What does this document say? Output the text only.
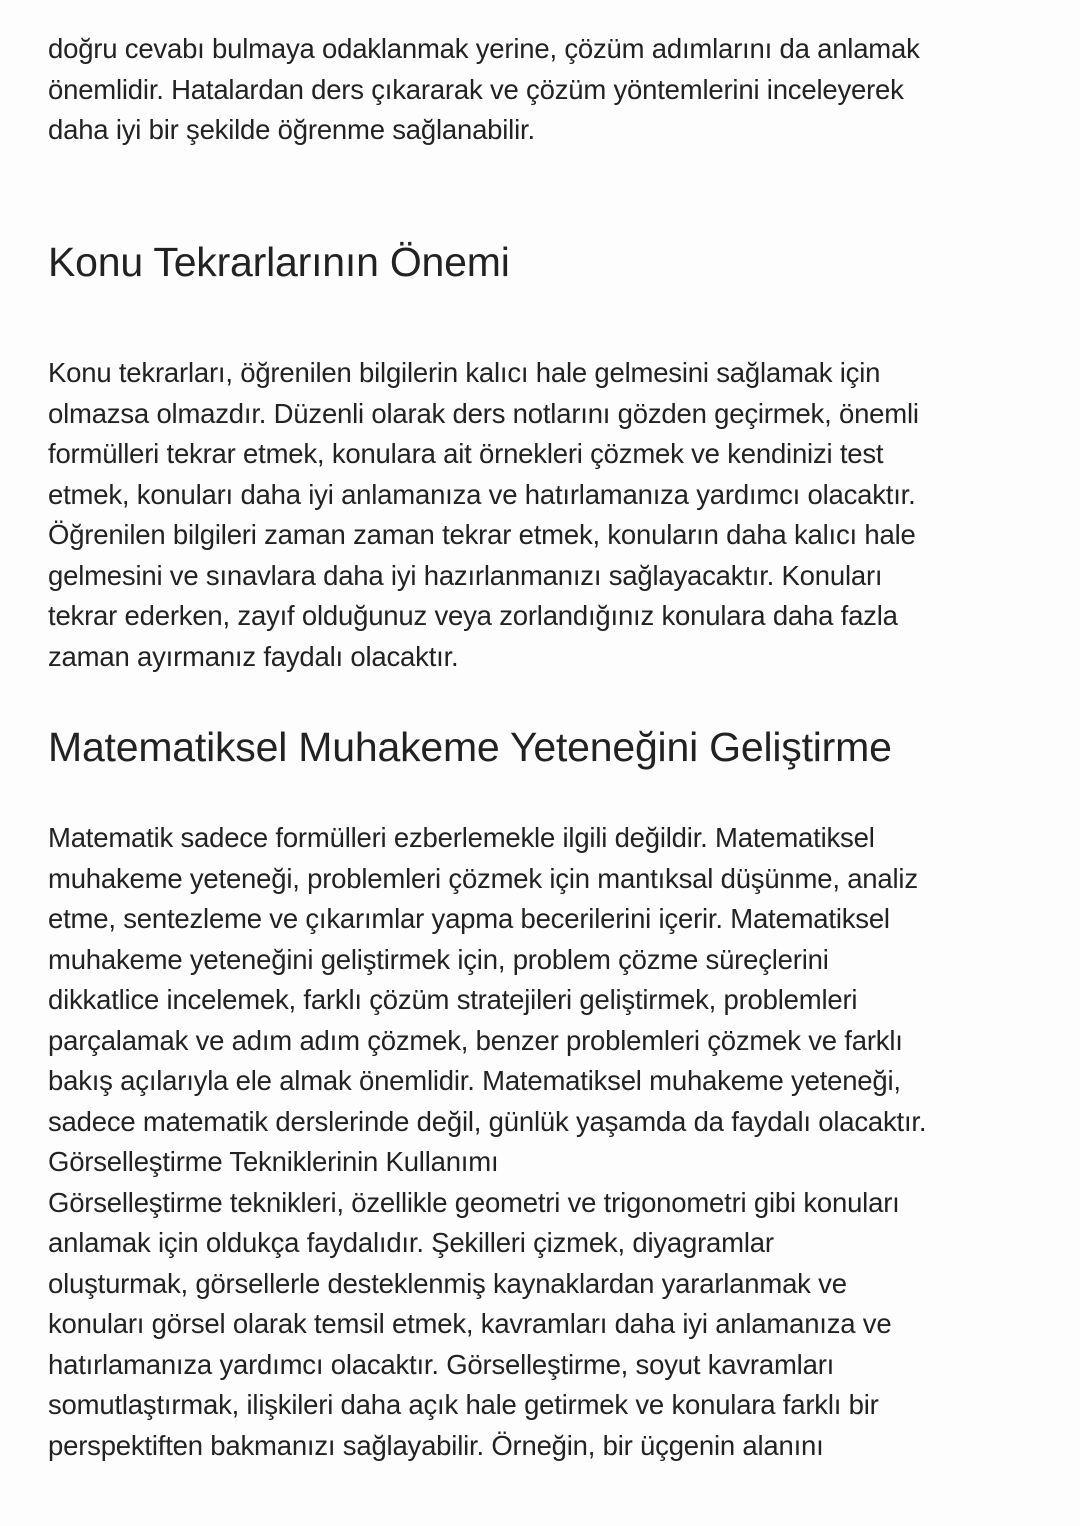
doğru cevabı bulmaya odaklanmak yerine, çözüm adımlarını da anlamak
önemlidir. Hatalardan ders çıkararak ve çözüm yöntemlerini inceleyerek
daha iyi bir şekilde öğrenme sağlanabilir.
Konu Tekrarlarının Önemi
Konu tekrarları, öğrenilen bilgilerin kalıcı hale gelmesini sağlamak için
olmazsa olmazdır. Düzenli olarak ders notlarını gözden geçirmek, önemli
formülleri tekrar etmek, konulara ait örnekleri çözmek ve kendinizi test
etmek, konuları daha iyi anlamanıza ve hatırlamanıza yardımcı olacaktır.
Öğrenilen bilgileri zaman zaman tekrar etmek, konuların daha kalıcı hale
gelmesini ve sınavlara daha iyi hazırlanmanızı sağlayacaktır. Konuları
tekrar ederken, zayıf olduğunuz veya zorlandığınız konulara daha fazla
zaman ayırmanız faydalı olacaktır.
Matematiksel Muhakeme Yeteneğini Geliştirme
Matematik sadece formülleri ezberlemekle ilgili değildir. Matematiksel
muhakeme yeteneği, problemleri çözmek için mantıksal düşünme, analiz
etme, sentezleme ve çıkarımlar yapma becerilerini içerir. Matematiksel
muhakeme yeteneğini geliştirmek için, problem çözme süreçlerini
dikkatlice incelemek, farklı çözüm stratejileri geliştirmek, problemleri
parçalamak ve adım adım çözmek, benzer problemleri çözmek ve farklı
bakış açılarıyla ele almak önemlidir. Matematiksel muhakeme yeteneği,
sadece matematik derslerinde değil, günlük yaşamda da faydalı olacaktır.
Görselleştirme Tekniklerinin Kullanımı
Görselleştirme teknikleri, özellikle geometri ve trigonometri gibi konuları
anlamak için oldukça faydalıdır. Şekilleri çizmek, diyagramlar
oluşturmak, görsellerle desteklenmiş kaynaklardan yararlanmak ve
konuları görsel olarak temsil etmek, kavramları daha iyi anlamanıza ve
hatırlamanıza yardımcı olacaktır. Görselleştirme, soyut kavramları
somutlaştırmak, ilişkileri daha açık hale getirmek ve konulara farklı bir
perspektiften bakmanızı sağlayabilir. Örneğin, bir üçgenin alanını
